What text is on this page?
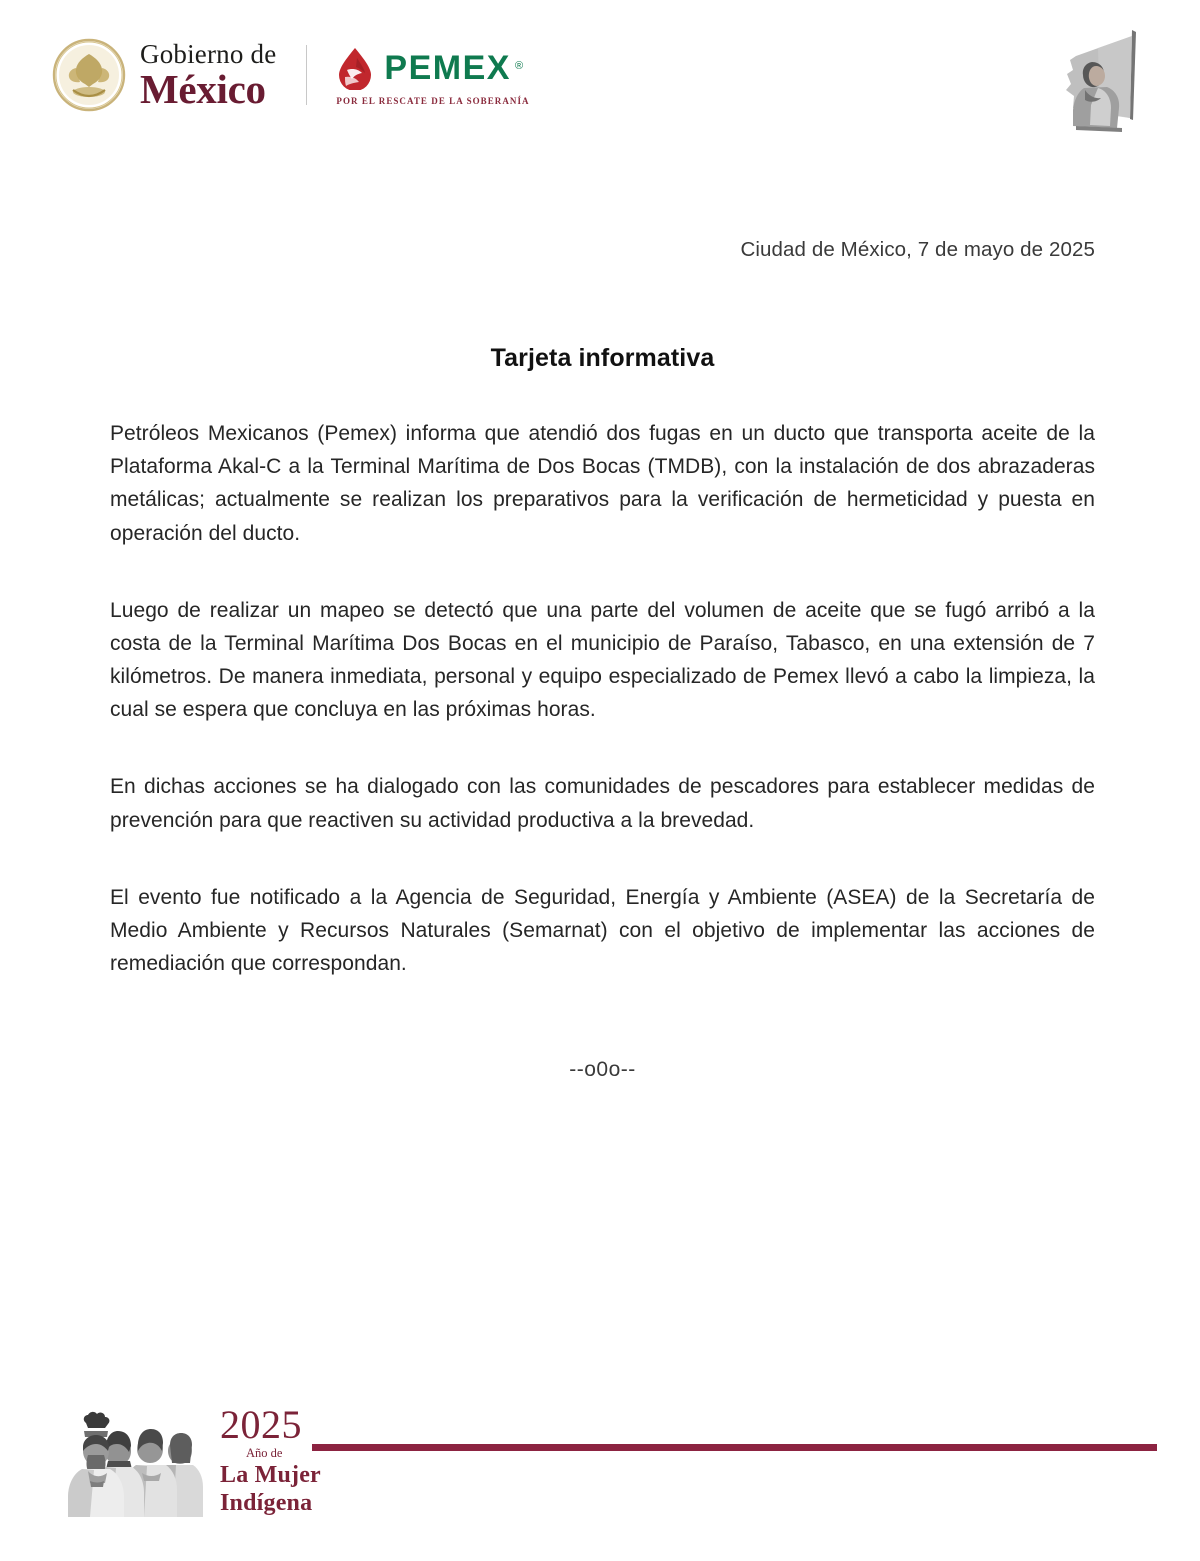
Gobierno de
México	PEMEX ®
POR EL RESCATE DE LA SOBERANÍA
Ciudad de México, 7 de mayo de 2025
Tarjeta informativa

Petróleos Mexicanos (Pemex) informa que atendió dos fugas en un ducto que transporta aceite de la Plataforma Akal-C a la Terminal Marítima de Dos Bocas (TMDB), con la instalación de dos abrazaderas metálicas; actualmente se realizan los preparativos para la verificación de hermeticidad y puesta en operación del ducto.

Luego de realizar un mapeo se detectó que una parte del volumen de aceite que se fugó arribó a la costa de la Terminal Marítima Dos Bocas en el municipio de Paraíso, Tabasco, en una extensión de 7 kilómetros. De manera inmediata, personal y equipo especializado de Pemex llevó a cabo la limpieza, la cual se espera que concluya en las próximas horas.

En dichas acciones se ha dialogado con las comunidades de pescadores para establecer medidas de prevención para que reactiven su actividad productiva a la brevedad.

El evento fue notificado a la Agencia de Seguridad, Energía y Ambiente (ASEA) de la Secretaría de Medio Ambiente y Recursos Naturales (Semarnat) con el objetivo de implementar las acciones de remediación que correspondan.

--o0o--
2025
Año de
La Mujer
Indígena
